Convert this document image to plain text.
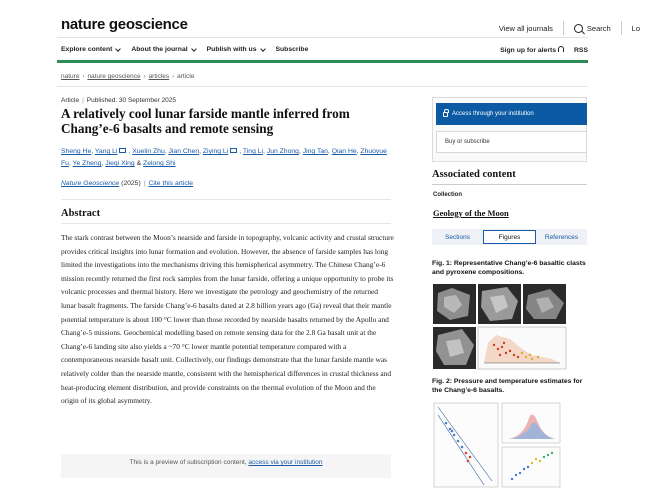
nature geoscience	View all journals	Search	Lo
Explore content	About the journal	Publish with us	Subscribe	Sign up for alerts	RSS
nature › nature geoscience › articles › article
Article | Published: 30 September 2025
A relatively cool lunar farside mantle inferred from Chang’e-6 basalts and remote sensing
Sheng He, Yang Li , Xuelin Zhu, Jian Chen, Ziying Li , Ting Li, Jun Zhong, Jing Tan, Qian He, Zhuoyue Fu, Ye Zheng, Jieqi Xing & Zelong Shi
Nature Geoscience (2025) | Cite this article
Abstract

The stark contrast between the Moon’s nearside and farside in topography, volcanic activity and crustal structure provides critical insights into lunar formation and evolution. However, the absence of farside samples has long limited the investigations into the mechanisms driving this hemispherical asymmetry. The Chinese Chang’e-6 mission recently returned the first rock samples from the lunar farside, offering a unique opportunity to probe its volcanic processes and thermal history. Here we investigate the petrology and geochemistry of the returned lunar basalt fragments. The farside Chang’e-6 basalts dated at 2.8 billion years ago (Ga) reveal that their mantle potential temperature is about 100 °C lower than those recorded by nearside basalts returned by the Apollo and Chang’e-5 missions. Geochemical modelling based on remote sensing data for the 2.8 Ga basalt unit at the Chang’e-6 landing site also yields a ~70 °C lower mantle potential temperature compared with a contemporaneous nearside basalt unit. Collectively, our findings demonstrate that the lunar farside mantle was relatively colder than the nearside mantle, consistent with the hemispherical differences in crustal thickness and heat-producing element distribution, and provide constraints on the thermal evolution of the Moon and the origin of its global asymmetry.

This is a preview of subscription content, access via your institution
Access through your institution
Buy or subscribe
Associated content
Collection
Geology of the Moon
Sections	Figures	References
Fig. 1: Representative Chang’e-6 basaltic clasts and pyroxene compositions.
Fig. 2: Pressure and temperature estimates for the Chang’e-6 basalts.
